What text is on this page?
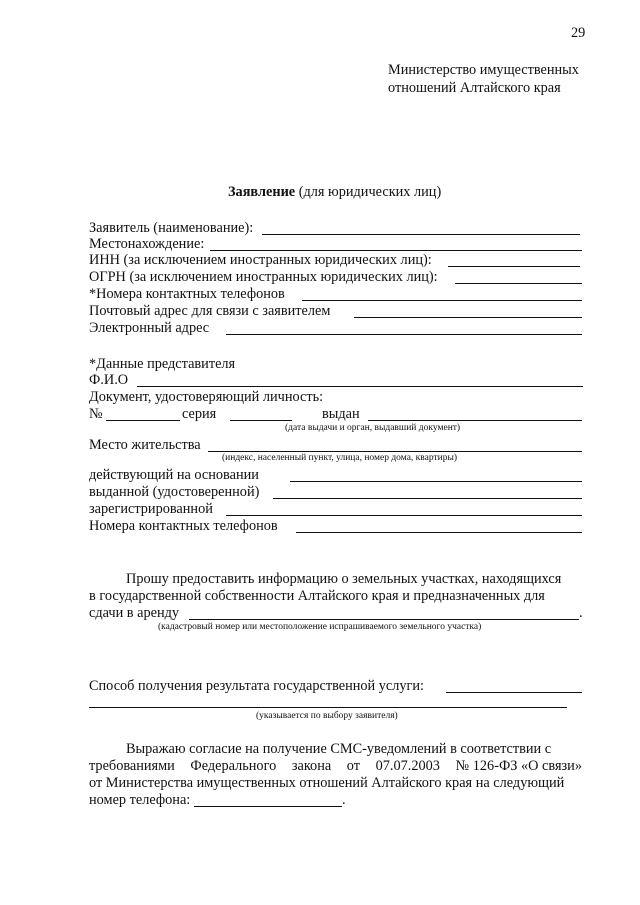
29
Министерство имущественных
отношений Алтайского края
Заявление (для юридических лиц)
Заявитель (наименование):
Местонахождение:
ИНН (за исключением иностранных юридических лиц):
ОГРН (за исключением иностранных юридических лиц):
*Номера контактных телефонов
Почтовый адрес для связи с заявителем
Электронный адрес
*Данные представителя
Ф.И.О
Документ, удостоверяющий личность:
№	серия	выдан
(дата выдачи и орган, выдавший документ)
Место жительства
(индекс, населенный пункт, улица, номер дома, квартиры)
действующий на основании
выданной (удостоверенной)
зарегистрированной
Номера контактных телефонов
Прошу предоставить информацию о земельных участках, находящихся
в государственной собственности Алтайского края и предназначенных для
сдачи в аренду	.
(кадастровый номер или местоположение испрашиваемого земельного участка)
Способ получения результата государственной услуги:
(указывается по выбору заявителя)
Выражаю согласие на получение СМС-уведомлений в соответствии с
требованиями Федерального закона от 07.07.2003 № 126-ФЗ «О связи»
от Министерства имущественных отношений Алтайского края на следующий
номер телефона:	.
